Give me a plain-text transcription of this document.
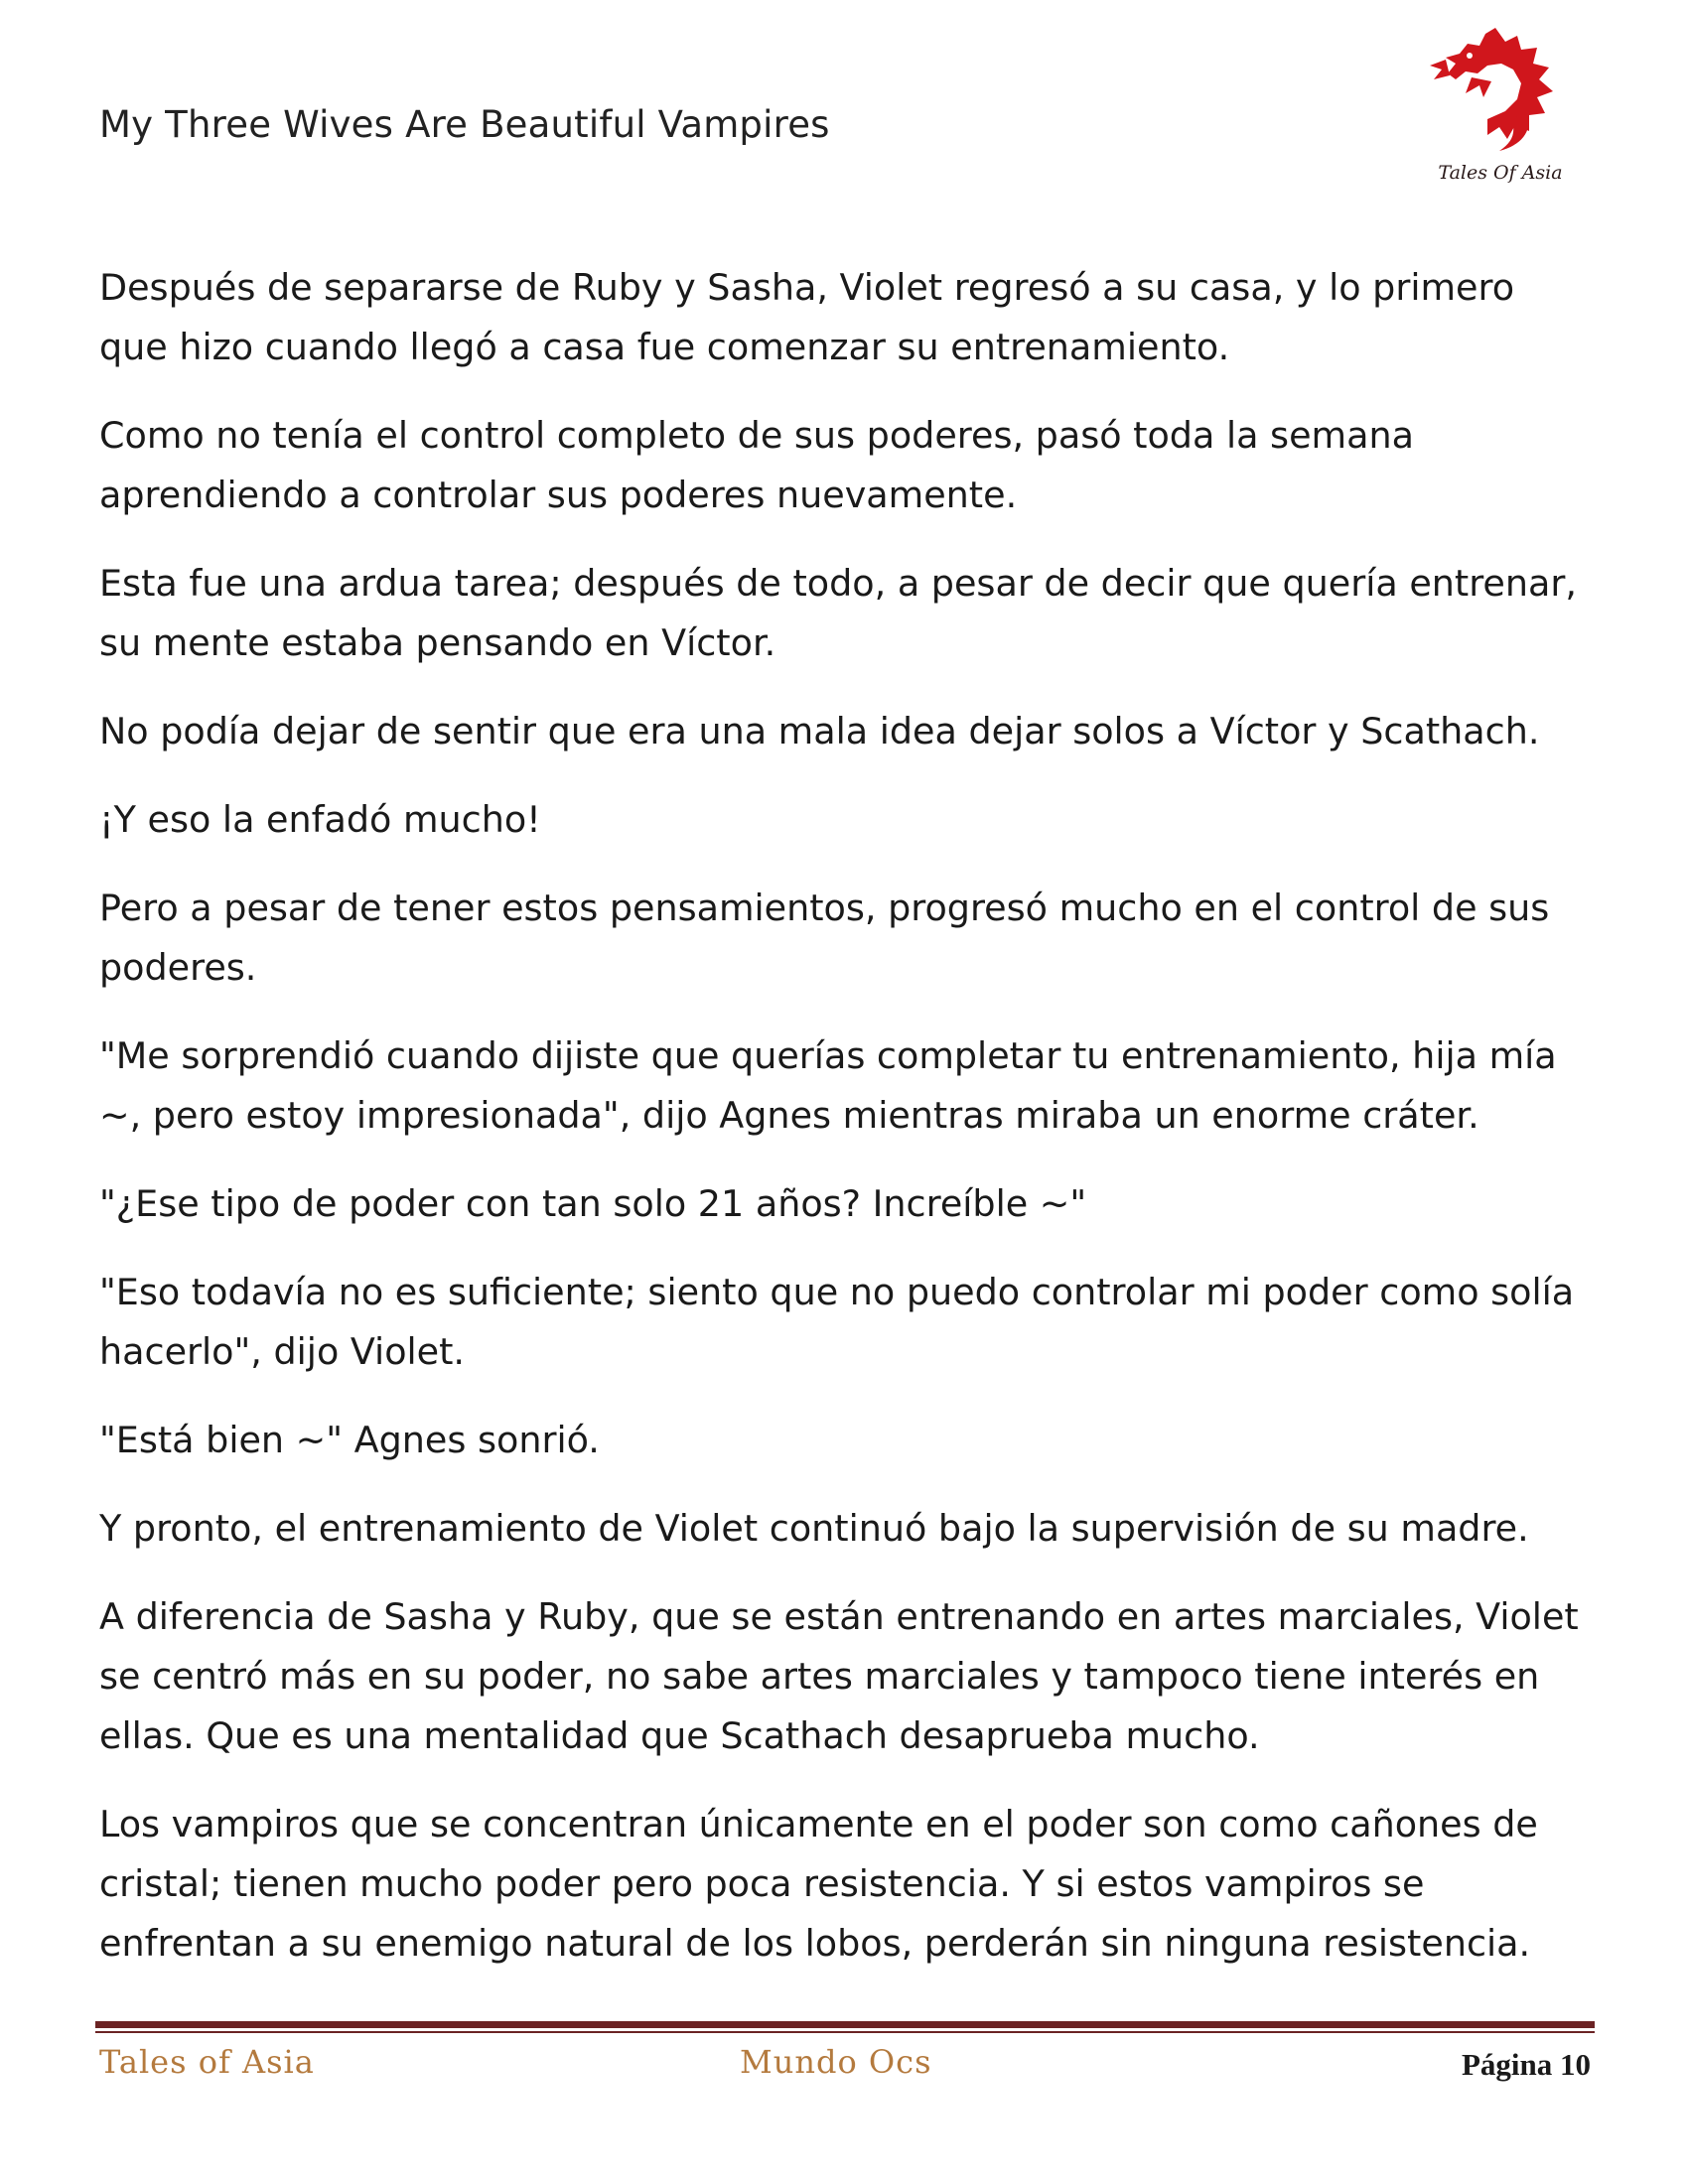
My Three Wives Are Beautiful Vampires
Tales Of Asia

Después de separarse de Ruby y Sasha, Violet regresó a su casa, y lo primero que hizo cuando llegó a casa fue comenzar su entrenamiento.

Como no tenía el control completo de sus poderes, pasó toda la semana aprendiendo a controlar sus poderes nuevamente.

Esta fue una ardua tarea; después de todo, a pesar de decir que quería entrenar, su mente estaba pensando en Víctor.

No podía dejar de sentir que era una mala idea dejar solos a Víctor y Scathach.

¡Y eso la enfadó mucho!

Pero a pesar de tener estos pensamientos, progresó mucho en el control de sus poderes.

"Me sorprendió cuando dijiste que querías completar tu entrenamiento, hija mía ~, pero estoy impresionada", dijo Agnes mientras miraba un enorme cráter.

"¿Ese tipo de poder con tan solo 21 años? Increíble ~"

"Eso todavía no es suficiente; siento que no puedo controlar mi poder como solía hacerlo", dijo Violet.

"Está bien ~" Agnes sonrió.

Y pronto, el entrenamiento de Violet continuó bajo la supervisión de su madre.

A diferencia de Sasha y Ruby, que se están entrenando en artes marciales, Violet se centró más en su poder, no sabe artes marciales y tampoco tiene interés en ellas. Que es una mentalidad que Scathach desaprueba mucho.

Los vampiros que se concentran únicamente en el poder son como cañones de cristal; tienen mucho poder pero poca resistencia. Y si estos vampiros se enfrentan a su enemigo natural de los lobos, perderán sin ninguna resistencia.

Tales of Asia	Mundo Ocs	Página 10
